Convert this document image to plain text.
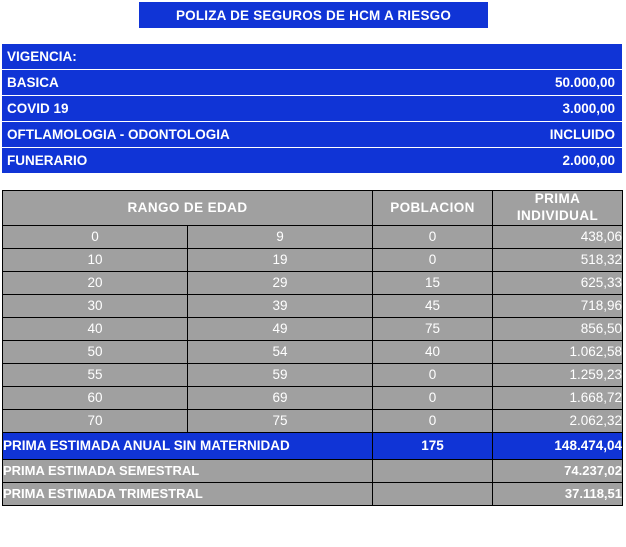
POLIZA DE SEGUROS DE HCM A RIESGO
VIGENCIA:
BASICA	50.000,00
COVID 19	3.000,00
OFTLAMOLOGIA - ODONTOLOGIA	INCLUIDO
FUNERARIO	2.000,00
RANGO DE EDAD		POBLACION	PRIMA
INDIVIDUAL

0	9	0	438,06
10	19	0	518,32
20	29	15	625,33
30	39	45	718,96
40	49	75	856,50
50	54	40	1.062,58
55	59	0	1.259,23
60	69	0	1.668,72
70	75	0	2.062,32
PRIMA ESTIMADA ANUAL SIN MATERNIDAD		175	148.474,04
PRIMA ESTIMADA SEMESTRAL			74.237,02
PRIMA ESTIMADA TRIMESTRAL			37.118,51
